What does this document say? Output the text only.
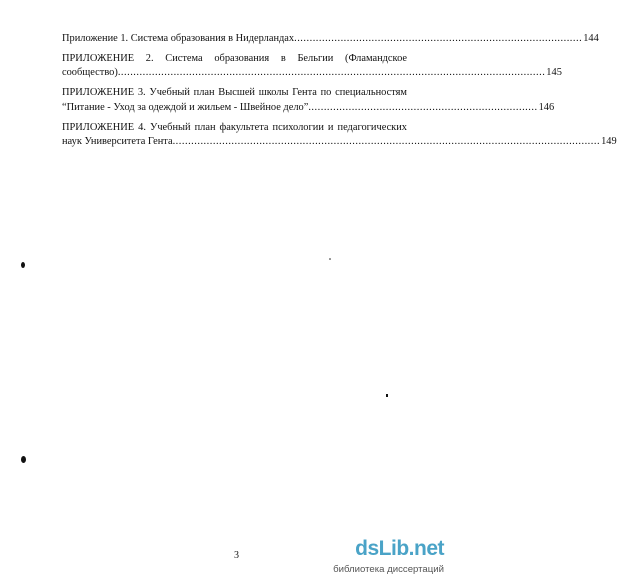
Приложение 1. Система образования в Нидерландах ............................................................................................. 144
ПРИЛОЖЕНИЕ 2. Система образования в Бельгии (Фламандское
сообщество) .......................................................................................................................................... 145
ПРИЛОЖЕНИЕ 3. Учебный план Высшей школы Гента по специальностям
“Питание - Уход за одеждой и жильем - Швейное дело” .......................................................................... 146
ПРИЛОЖЕНИЕ 4. Учебный план факультета психологии и педагогических
наук Университета Гента .......................................................................................................................................... 149
3	dsLib.net
библиотека диссертаций
